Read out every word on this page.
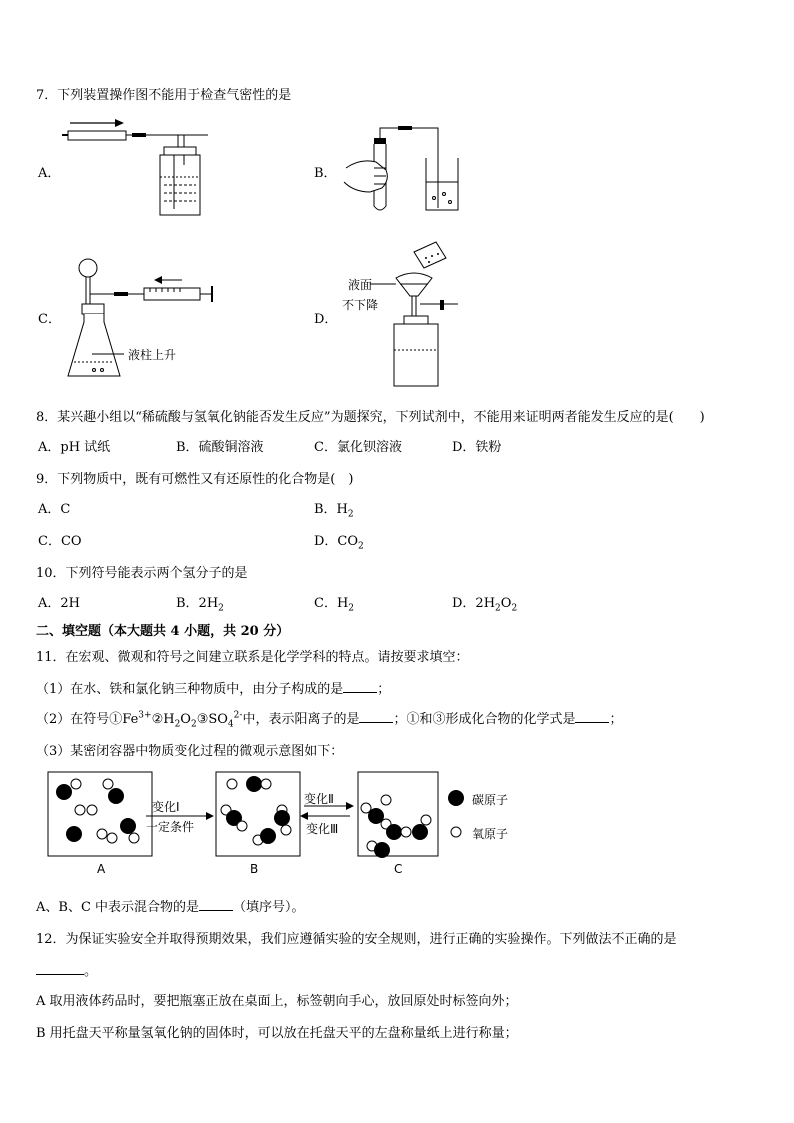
7．下列装置操作图不能用于检查气密性的是
A．	B．
C．	D．
液柱上升
液面
不下降
8．某兴趣小组以“稀硫酸与氢氧化钠能否发生反应”为题探究，下列试剂中，不能用来证明两者能发生反应的是(　　)
A．pH 试纸	B．硫酸铜溶液	C．氯化钡溶液	D．铁粉
9．下列物质中，既有可燃性又有还原性的化合物是(　)
A．C	B．$H_2$
C．CO	D．$CO_2$
10．下列符号能表示两个氢分子的是
A．2H	B．$2H_2$	C．$H_2$	D．$2H_2O_2$
二、填空题（本大题共 4 小题，共 20 分）
11．在宏观、微观和符号之间建立联系是化学学科的特点。请按要求填空：
（1）在水、铁和氯化钠三种物质中，由分子构成的是	；
（2）在符号$①Fe^{3+}②H_2O_2③SO_4^{2-}$中，表示阳离子的是	；①和③形成化合物的化学式是	；
（3）某密闭容器中物质变化过程的微观示意图如下：
变化Ⅰ
一定条件
变化Ⅱ
变化Ⅲ
A	B	C
碳原子
氧原子
A、B、C 中表示混合物的是	（填序号）。
12．为保证实验安全并取得预期效果，我们应遵循实验的安全规则，进行正确的实验操作。下列做法不正确的是
。
A 取用液体药品时，要把瓶塞正放在桌面上，标签朝向手心，放回原处时标签向外；
B 用托盘天平称量氢氧化钠的固体时，可以放在托盘天平的左盘称量纸上进行称量；
